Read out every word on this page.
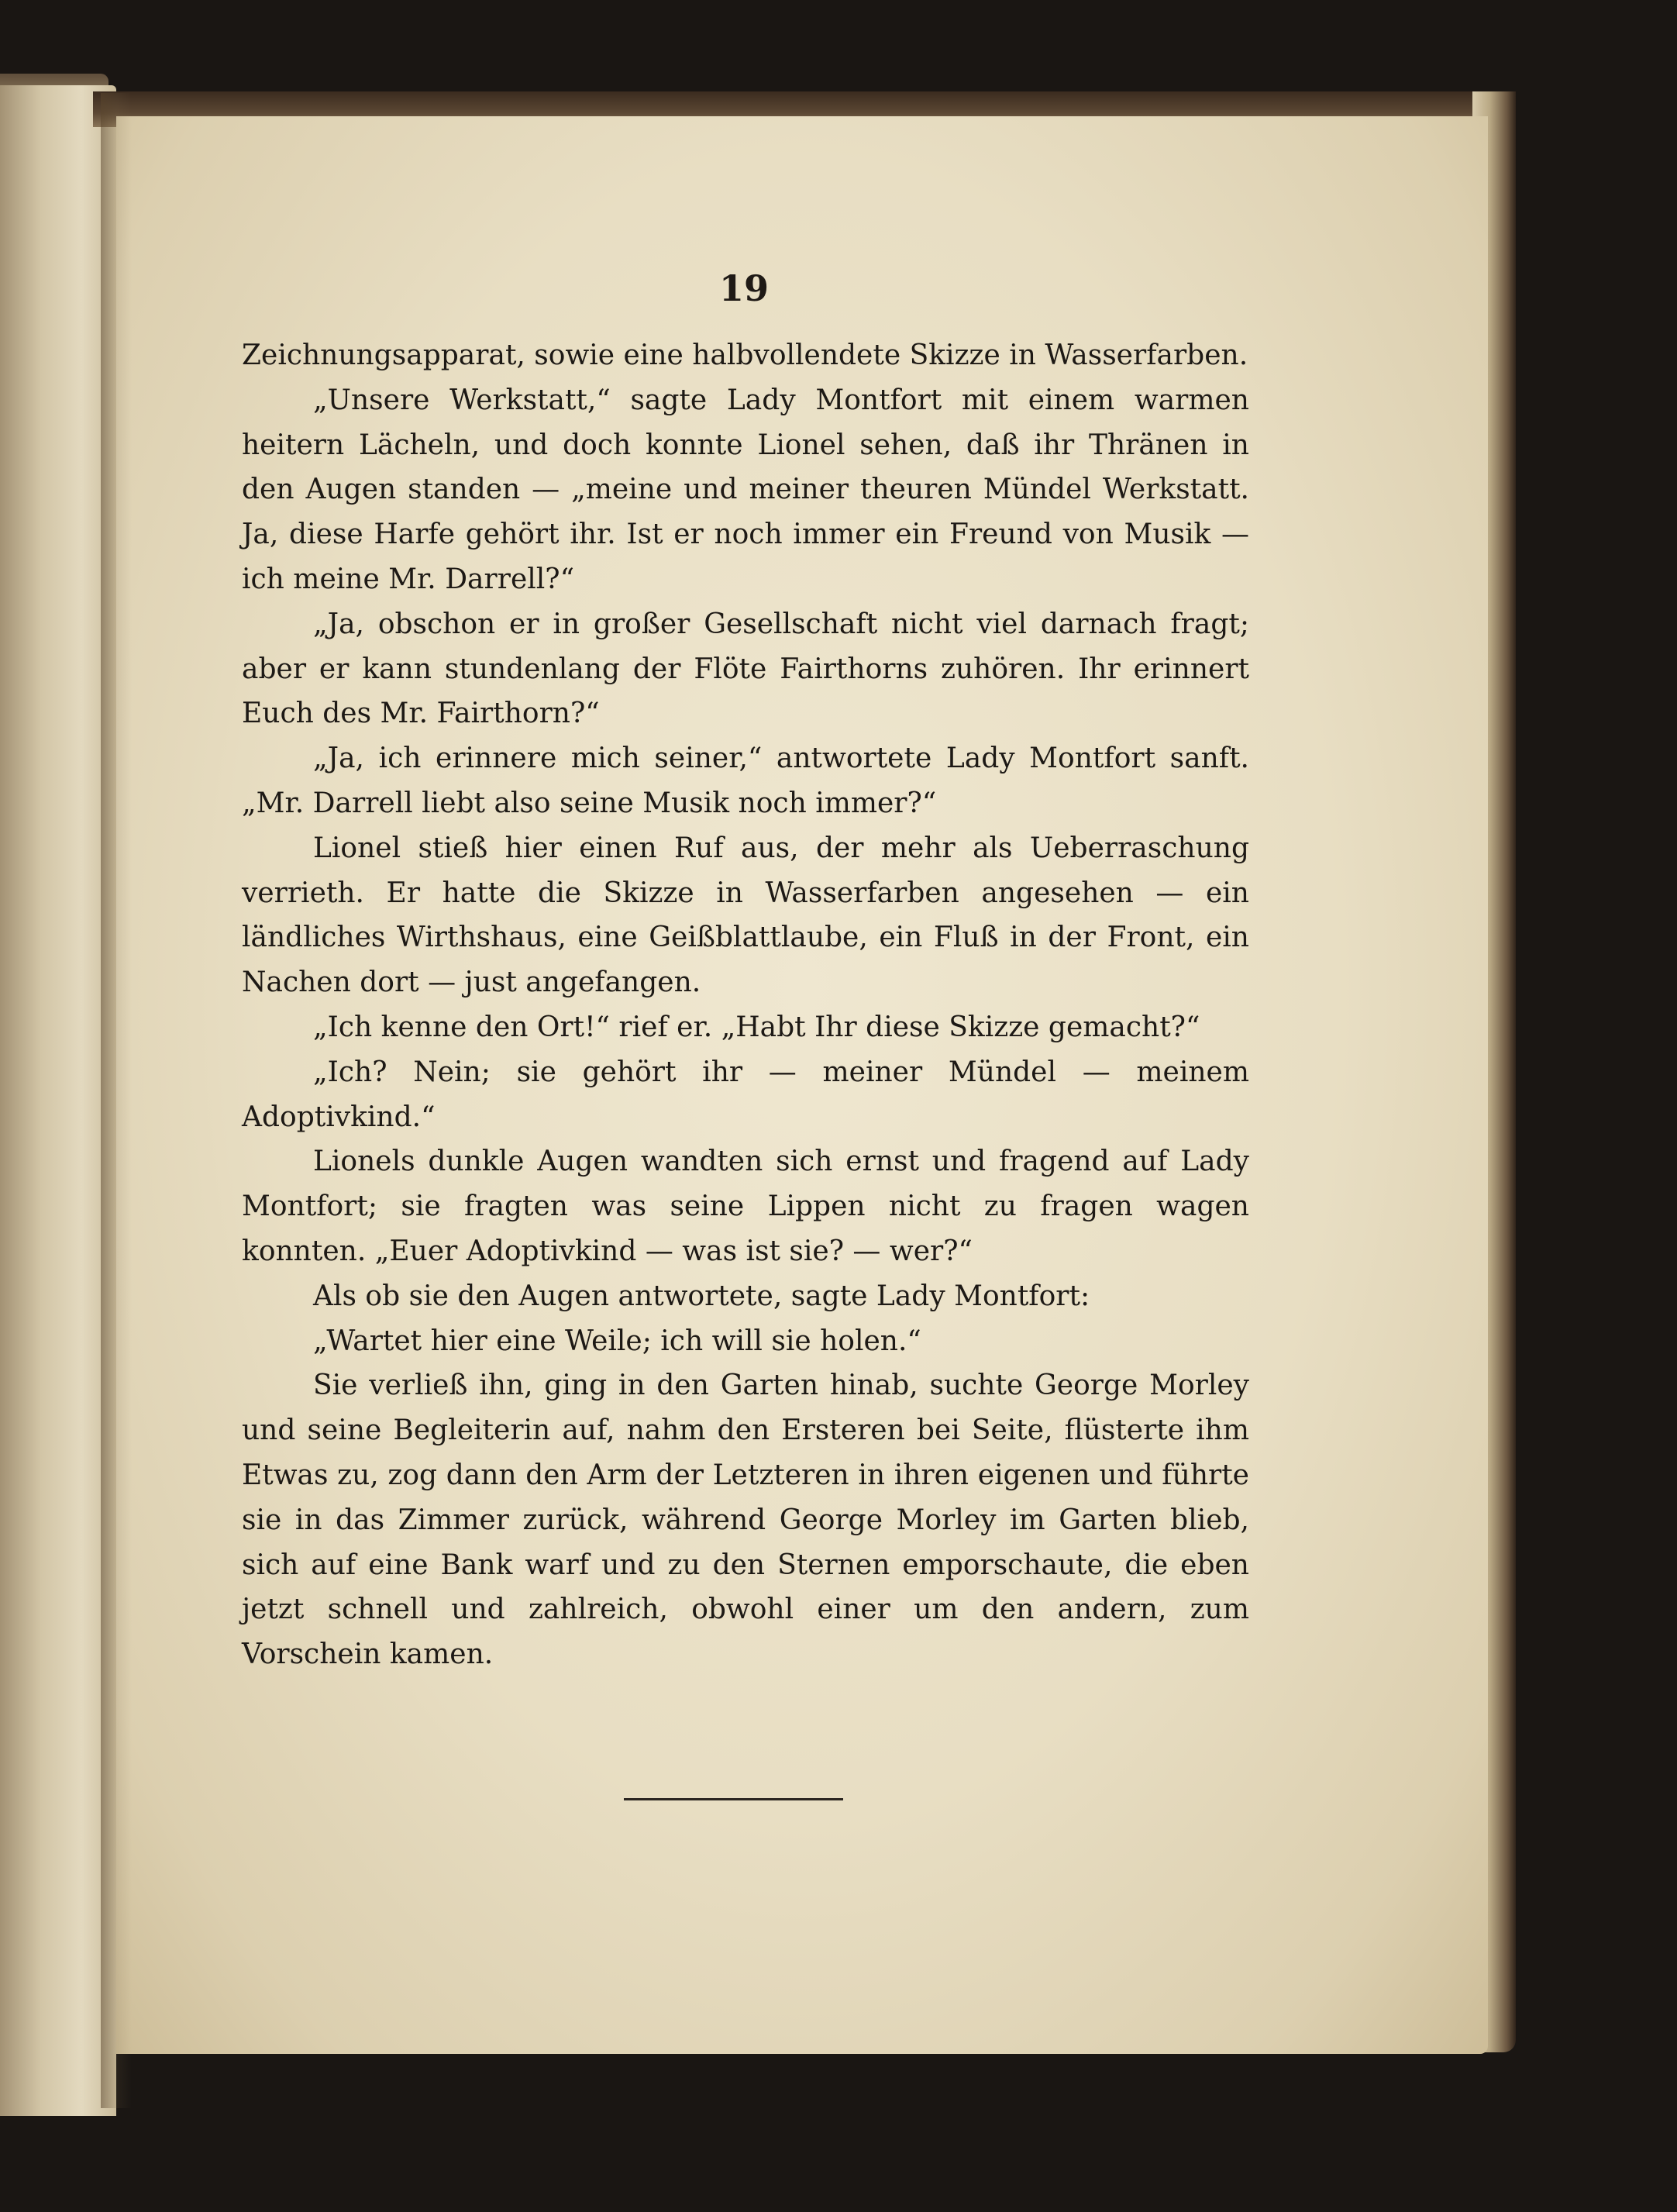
19

Zeichnungsapparat, sowie eine halbvollendete Skizze in Wasserfarben.

„Unsere Werkstatt,“ sagte Lady Montfort mit einem warmen heitern Lächeln, und doch konnte Lionel sehen, daß ihr Thränen in den Augen standen — „meine und meiner theuren Mündel Werkstatt. Ja, diese Harfe gehört ihr. Ist er noch immer ein Freund von Musik — ich meine Mr. Darrell?“

„Ja, obschon er in großer Gesellschaft nicht viel darnach fragt; aber er kann stundenlang der Flöte Fairthorns zuhören. Ihr erinnert Euch des Mr. Fairthorn?“

„Ja, ich erinnere mich seiner,“ antwortete Lady Montfort sanft. „Mr. Darrell liebt also seine Musik noch immer?“

Lionel stieß hier einen Ruf aus, der mehr als Ueberraschung verrieth. Er hatte die Skizze in Wasserfarben angesehen — ein ländliches Wirthshaus, eine Geißblattlaube, ein Fluß in der Front, ein Nachen dort — just angefangen.

„Ich kenne den Ort!“ rief er. „Habt Ihr diese Skizze gemacht?“

„Ich? Nein; sie gehört ihr — meiner Mündel — meinem Adoptivkind.“

Lionels dunkle Augen wandten sich ernst und fragend auf Lady Montfort; sie fragten was seine Lippen nicht zu fragen wagen konnten. „Euer Adoptivkind — was ist sie? — wer?“

Als ob sie den Augen antwortete, sagte Lady Montfort:

„Wartet hier eine Weile; ich will sie holen.“

Sie verließ ihn, ging in den Garten hinab, suchte George Morley und seine Begleiterin auf, nahm den Ersteren bei Seite, flüsterte ihm Etwas zu, zog dann den Arm der Letzteren in ihren eigenen und führte sie in das Zimmer zurück, während George Morley im Garten blieb, sich auf eine Bank warf und zu den Sternen emporschaute, die eben jetzt schnell und zahlreich, obwohl einer um den andern, zum Vorschein kamen.
